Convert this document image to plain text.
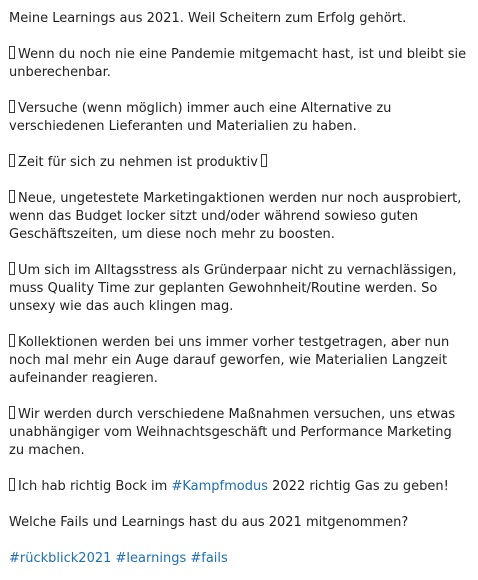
Meine Learnings aus 2021. Weil Scheitern zum Erfolg gehört.

Wenn du noch nie eine Pandemie mitgemacht hast, ist und bleibt sie unberechenbar.

Versuche (wenn möglich) immer auch eine Alternative zu verschiedenen Lieferanten und Materialien zu haben.

Zeit für sich zu nehmen ist produktiv

Neue, ungetestete Marketingaktionen werden nur noch ausprobiert, wenn das Budget locker sitzt und/oder während sowieso guten Geschäftszeiten, um diese noch mehr zu boosten.

Um sich im Alltagsstress als Gründerpaar nicht zu vernachlässigen, muss Quality Time zur geplanten Gewohnheit/Routine werden. So unsexy wie das auch klingen mag.

Kollektionen werden bei uns immer vorher testgetragen, aber nun noch mal mehr ein Auge darauf geworfen, wie Materialien Langzeit aufeinander reagieren.

Wir werden durch verschiedene Maßnahmen versuchen, uns etwas unabhängiger vom Weihnachtsgeschäft und Performance Marketing zu machen.

Ich hab richtig Bock im #Kampfmodus 2022 richtig Gas zu geben!

Welche Fails und Learnings hast du aus 2021 mitgenommen?

#rückblick2021 #learnings #fails
